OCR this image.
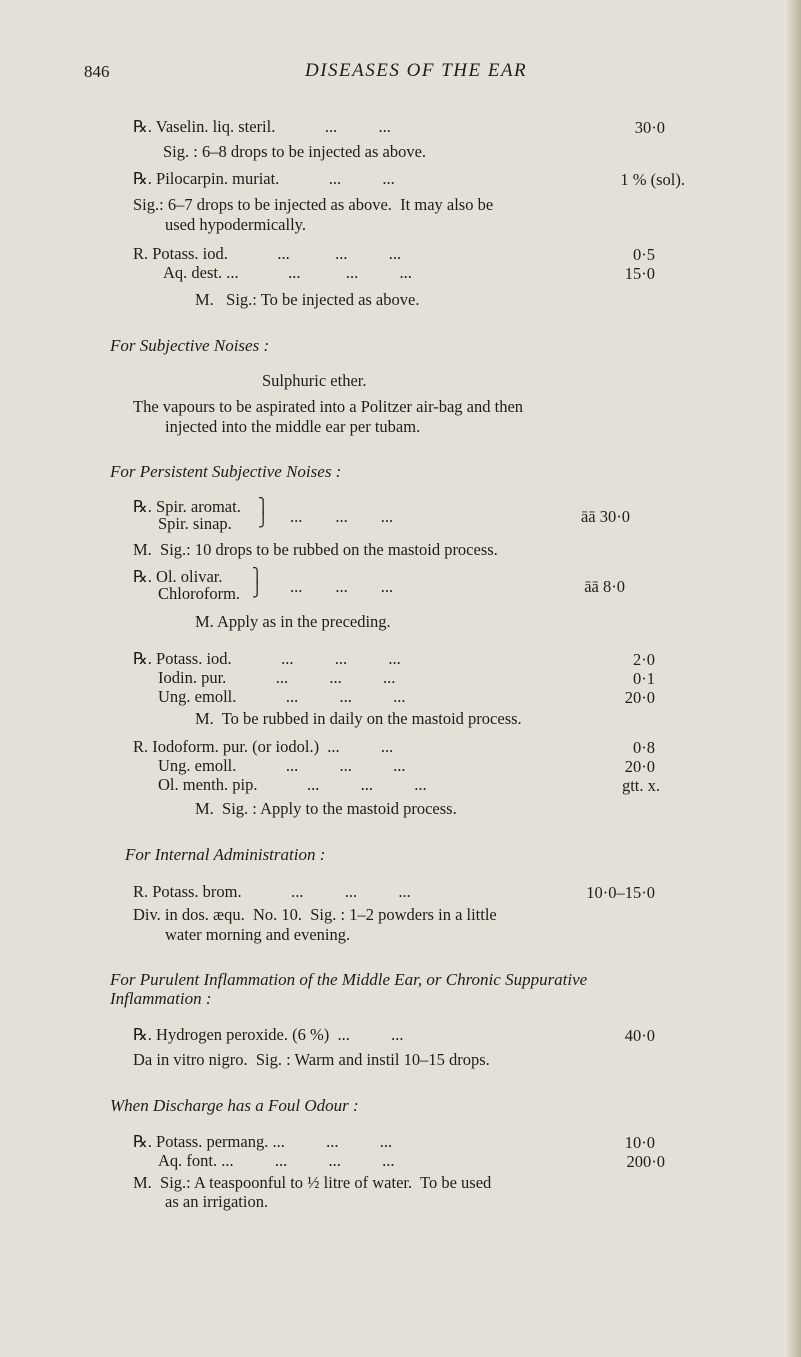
846	DISEASES OF THE EAR
℞. Vaselin. liq. steril.            ...          ...	30·0
Sig. : 6–8 drops to be injected as above.
℞. Pilocarpin. muriat.            ...          ...	1 % (sol).
Sig.: 6–7 drops to be injected as above.  It may also be
used hypodermically.
R. Potass. iod.            ...           ...          ...	0·5
Aq. dest. ...            ...           ...          ...	15·0
M.   Sig.: To be injected as above.
For Subjective Noises :
Sulphuric ether.
The vapours to be aspirated into a Politzer air-bag and then
injected into the middle ear per tubam.
For Persistent Subjective Noises :
℞. Spir. aromat.
Spir. sinap.
⎫
⎭ ...        ...        ...	āā 30·0
M.  Sig.: 10 drops to be rubbed on the mastoid process.
℞. Ol. olivar.
Chloroform.
⎫
⎭ ...        ...        ...	āā 8·0
M. Apply as in the preceding.
℞. Potass. iod.            ...          ...          ...	2·0
Iodin. pur.            ...          ...          ...	0·1
Ung. emoll.            ...          ...          ...	20·0
M.  To be rubbed in daily on the mastoid process.
R. Iodoform. pur. (or iodol.)  ...          ...	0·8
Ung. emoll.            ...          ...          ...	20·0
Ol. menth. pip.            ...          ...          ...	gtt. x.
M.  Sig. : Apply to the mastoid process.
For Internal Administration :
R. Potass. brom.            ...          ...          ...	10·0–15·0
Div. in dos. æqu.  No. 10.  Sig. : 1–2 powders in a little
water morning and evening.
For Purulent Inflammation of the Middle Ear, or Chronic Suppurative
Inflammation :
℞. Hydrogen peroxide. (6 %)  ...          ...	40·0
Da in vitro nigro.  Sig. : Warm and instil 10–15 drops.
When Discharge has a Foul Odour :
℞. Potass. permang. ...          ...          ...	10·0
Aq. font. ...          ...          ...          ...	200·0
M.  Sig.: A teaspoonful to ½ litre of water.  To be used
as an irrigation.
